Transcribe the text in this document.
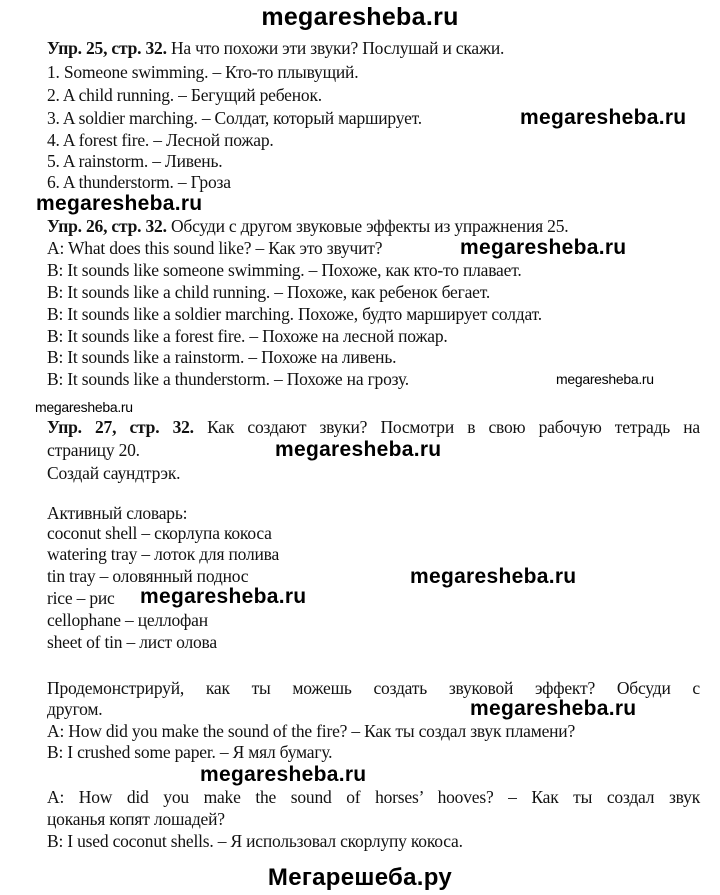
megaresheba.ru
Упр. 25, стр. 32. На что похожи эти звуки? Послушай и скажи.
1. Someone swimming. – Кто-то плывущий.
2. A child running. – Бегущий ребенок.
3. A soldier marching. – Солдат, который марширует.
4. A forest fire. – Лесной пожар.
5. A rainstorm. – Ливень.
6. A thunderstorm. – Гроза
megaresheba.ru
megaresheba.ru
Упр. 26, стр. 32. Обсуди с другом звуковые эффекты из упражнения 25.
A: What does this sound like? – Как это звучит?
B: It sounds like someone swimming. – Похоже, как кто-то плавает.
B: It sounds like a child running. – Похоже, как ребенок бегает.
B: It sounds like a soldier marching. Похоже, будто марширует солдат.
B: It sounds like a forest fire. – Похоже на лесной пожар.
B: It sounds like a rainstorm. – Похоже на ливень.
B: It sounds like a thunderstorm. – Похоже на грозу.
megaresheba.ru
megaresheba.ru
megaresheba.ru
Упр. 27, стр. 32. Как создают звуки? Посмотри в свою рабочую тетрадь на
страницу 20.	megaresheba.ru
Создай саундтрэк.
Активный словарь:
coconut shell – скорлупа кокоса
watering tray – лоток для полива
tin tray – оловянный поднос
rice – рис
cellophane – целлофан
sheet of tin – лист олова
megaresheba.ru
megaresheba.ru
Продемонстрируй, как ты можешь создать звуковой эффект? Обсуди с
другом.	megaresheba.ru
A: How did you make the sound of the fire? – Как ты создал звук пламени?
B: I crushed some paper. – Я мял бумагу.
megaresheba.ru
A: How did you make the sound of horses’ hooves? – Как ты создал звук
цоканья копят лошадей?
B: I used coconut shells. – Я использовал скорлупу кокоса.
Мегарешеба.ру
